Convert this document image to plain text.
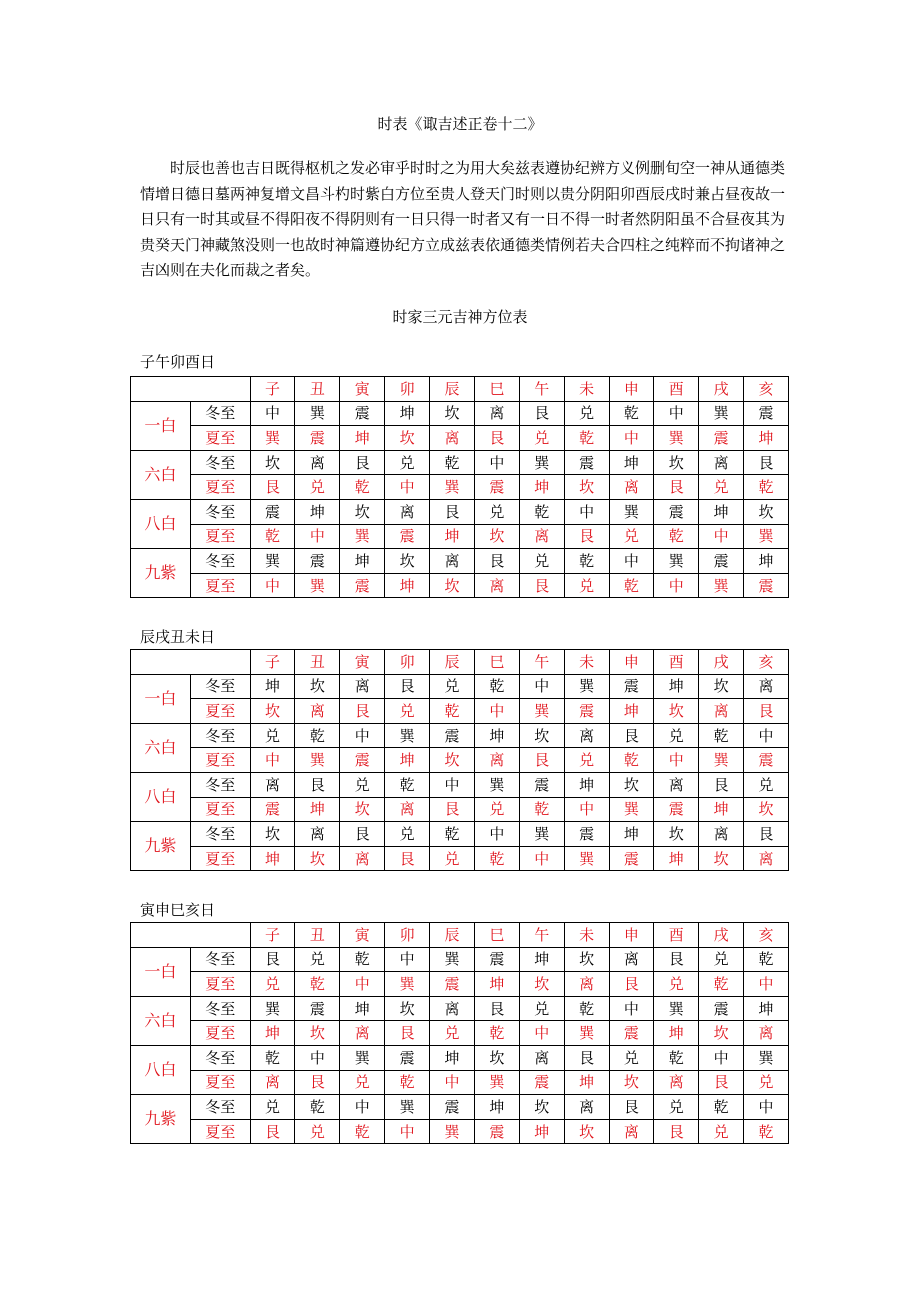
时表《诹吉述正卷十二》

时辰也善也吉日既得枢机之发必审乎时时之为用大矣兹表遵协纪辨方义例删旬空一神从通德类情增日德日墓两神复增文昌斗杓时紫白方位至贵人登天门时则以贵分阴阳卯酉辰戌时兼占昼夜故一日只有一时其或昼不得阳夜不得阴则有一日只得一时者又有一日不得一时者然阴阳虽不合昼夜其为贵癸天门神藏煞没则一也故时神篇遵协纪方立成兹表依通德类情例若夫合四柱之纯粹而不拘诸神之吉凶则在夫化而裁之者矣。

时家三元吉神方位表
子午卯酉日
		子	丑	寅	卯	辰	巳	午	未	申	酉	戌	亥
一白	冬至	中	巽	震	坤	坎	离	艮	兑	乾	中	巽	震
	夏至	巽	震	坤	坎	离	艮	兑	乾	中	巽	震	坤
六白	冬至	坎	离	艮	兑	乾	中	巽	震	坤	坎	离	艮
	夏至	艮	兑	乾	中	巽	震	坤	坎	离	艮	兑	乾
八白	冬至	震	坤	坎	离	艮	兑	乾	中	巽	震	坤	坎
	夏至	乾	中	巽	震	坤	坎	离	艮	兑	乾	中	巽
九紫	冬至	巽	震	坤	坎	离	艮	兑	乾	中	巽	震	坤
	夏至	中	巽	震	坤	坎	离	艮	兑	乾	中	巽	震
辰戌丑未日
		子	丑	寅	卯	辰	巳	午	未	申	酉	戌	亥
一白	冬至	坤	坎	离	艮	兑	乾	中	巽	震	坤	坎	离
	夏至	坎	离	艮	兑	乾	中	巽	震	坤	坎	离	艮
六白	冬至	兑	乾	中	巽	震	坤	坎	离	艮	兑	乾	中
	夏至	中	巽	震	坤	坎	离	艮	兑	乾	中	巽	震
八白	冬至	离	艮	兑	乾	中	巽	震	坤	坎	离	艮	兑
	夏至	震	坤	坎	离	艮	兑	乾	中	巽	震	坤	坎
九紫	冬至	坎	离	艮	兑	乾	中	巽	震	坤	坎	离	艮
	夏至	坤	坎	离	艮	兑	乾	中	巽	震	坤	坎	离
寅申巳亥日
		子	丑	寅	卯	辰	巳	午	未	申	酉	戌	亥
一白	冬至	艮	兑	乾	中	巽	震	坤	坎	离	艮	兑	乾
	夏至	兑	乾	中	巽	震	坤	坎	离	艮	兑	乾	中
六白	冬至	巽	震	坤	坎	离	艮	兑	乾	中	巽	震	坤
	夏至	坤	坎	离	艮	兑	乾	中	巽	震	坤	坎	离
八白	冬至	乾	中	巽	震	坤	坎	离	艮	兑	乾	中	巽
	夏至	离	艮	兑	乾	中	巽	震	坤	坎	离	艮	兑
九紫	冬至	兑	乾	中	巽	震	坤	坎	离	艮	兑	乾	中
	夏至	艮	兑	乾	中	巽	震	坤	坎	离	艮	兑	乾
